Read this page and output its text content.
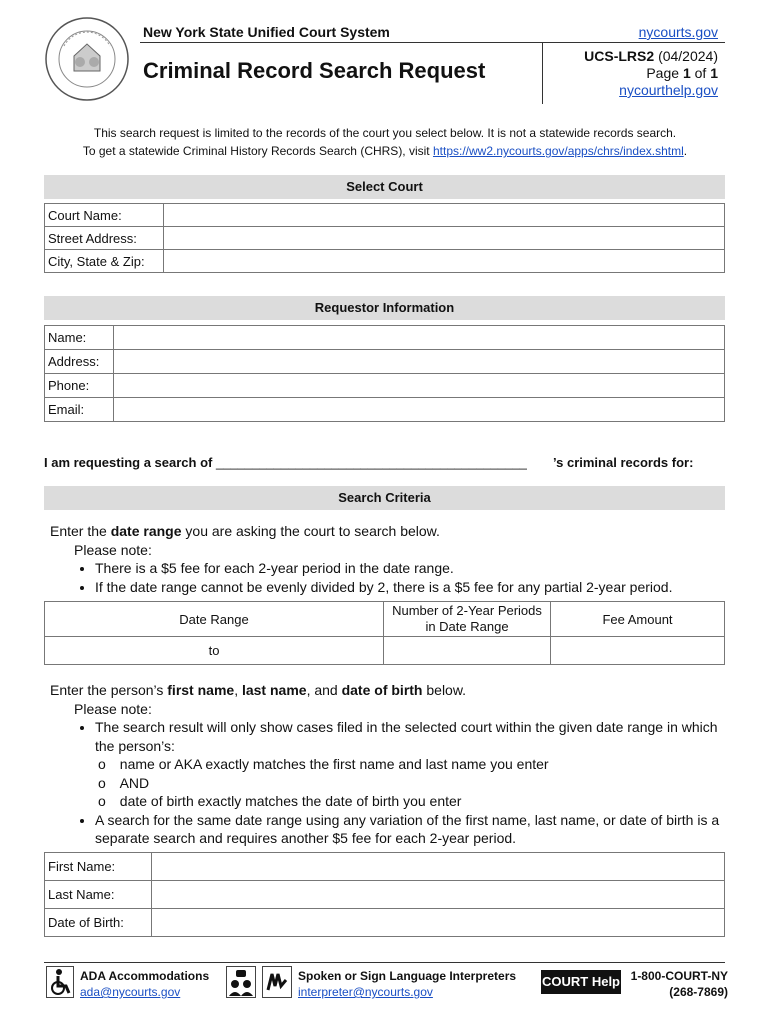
New York State Unified Court System
Criminal Record Search Request
nycourts.gov
UCS-LRS2 (04/2024)
Page 1 of 1
nycourthelp.gov
This search request is limited to the records of the court you select below. It is not a statewide records search.
To get a statewide Criminal History Records Search (CHRS), visit https://ww2.nycourts.gov/apps/chrs/index.shtml.
Select Court
Court Name:	
Street Address:	
City, State & Zip:	
Requestor Information
Name:	
Address:	
Phone:	
Email:	
I am requesting a search of ___________________________________________ ’s criminal records for:
Search Criteria
Enter the date range you are asking the court to search below.
Please note:
• There is a $5 fee for each 2-year period in the date range.
• If the date range cannot be evenly divided by 2, there is a $5 fee for any partial 2-year period.
Date Range	Number of 2-Year Periods in Date Range	Fee Amount
to		
Enter the person’s first name, last name, and date of birth below.
Please note:
• The search result will only show cases filed in the selected court within the given date range in which the person’s:
o name or AKA exactly matches the first name and last name you enter
o AND
o date of birth exactly matches the date of birth you enter
• A search for the same date range using any variation of the first name, last name, or date of birth is a separate search and requires another $5 fee for each 2-year period.
First Name:	
Last Name:	
Date of Birth:	
ADA Accommodations
ada@nycourts.gov
Spoken or Sign Language Interpreters
interpreter@nycourts.gov
COURT Help 1-800-COURT-NY
(268-7869)
